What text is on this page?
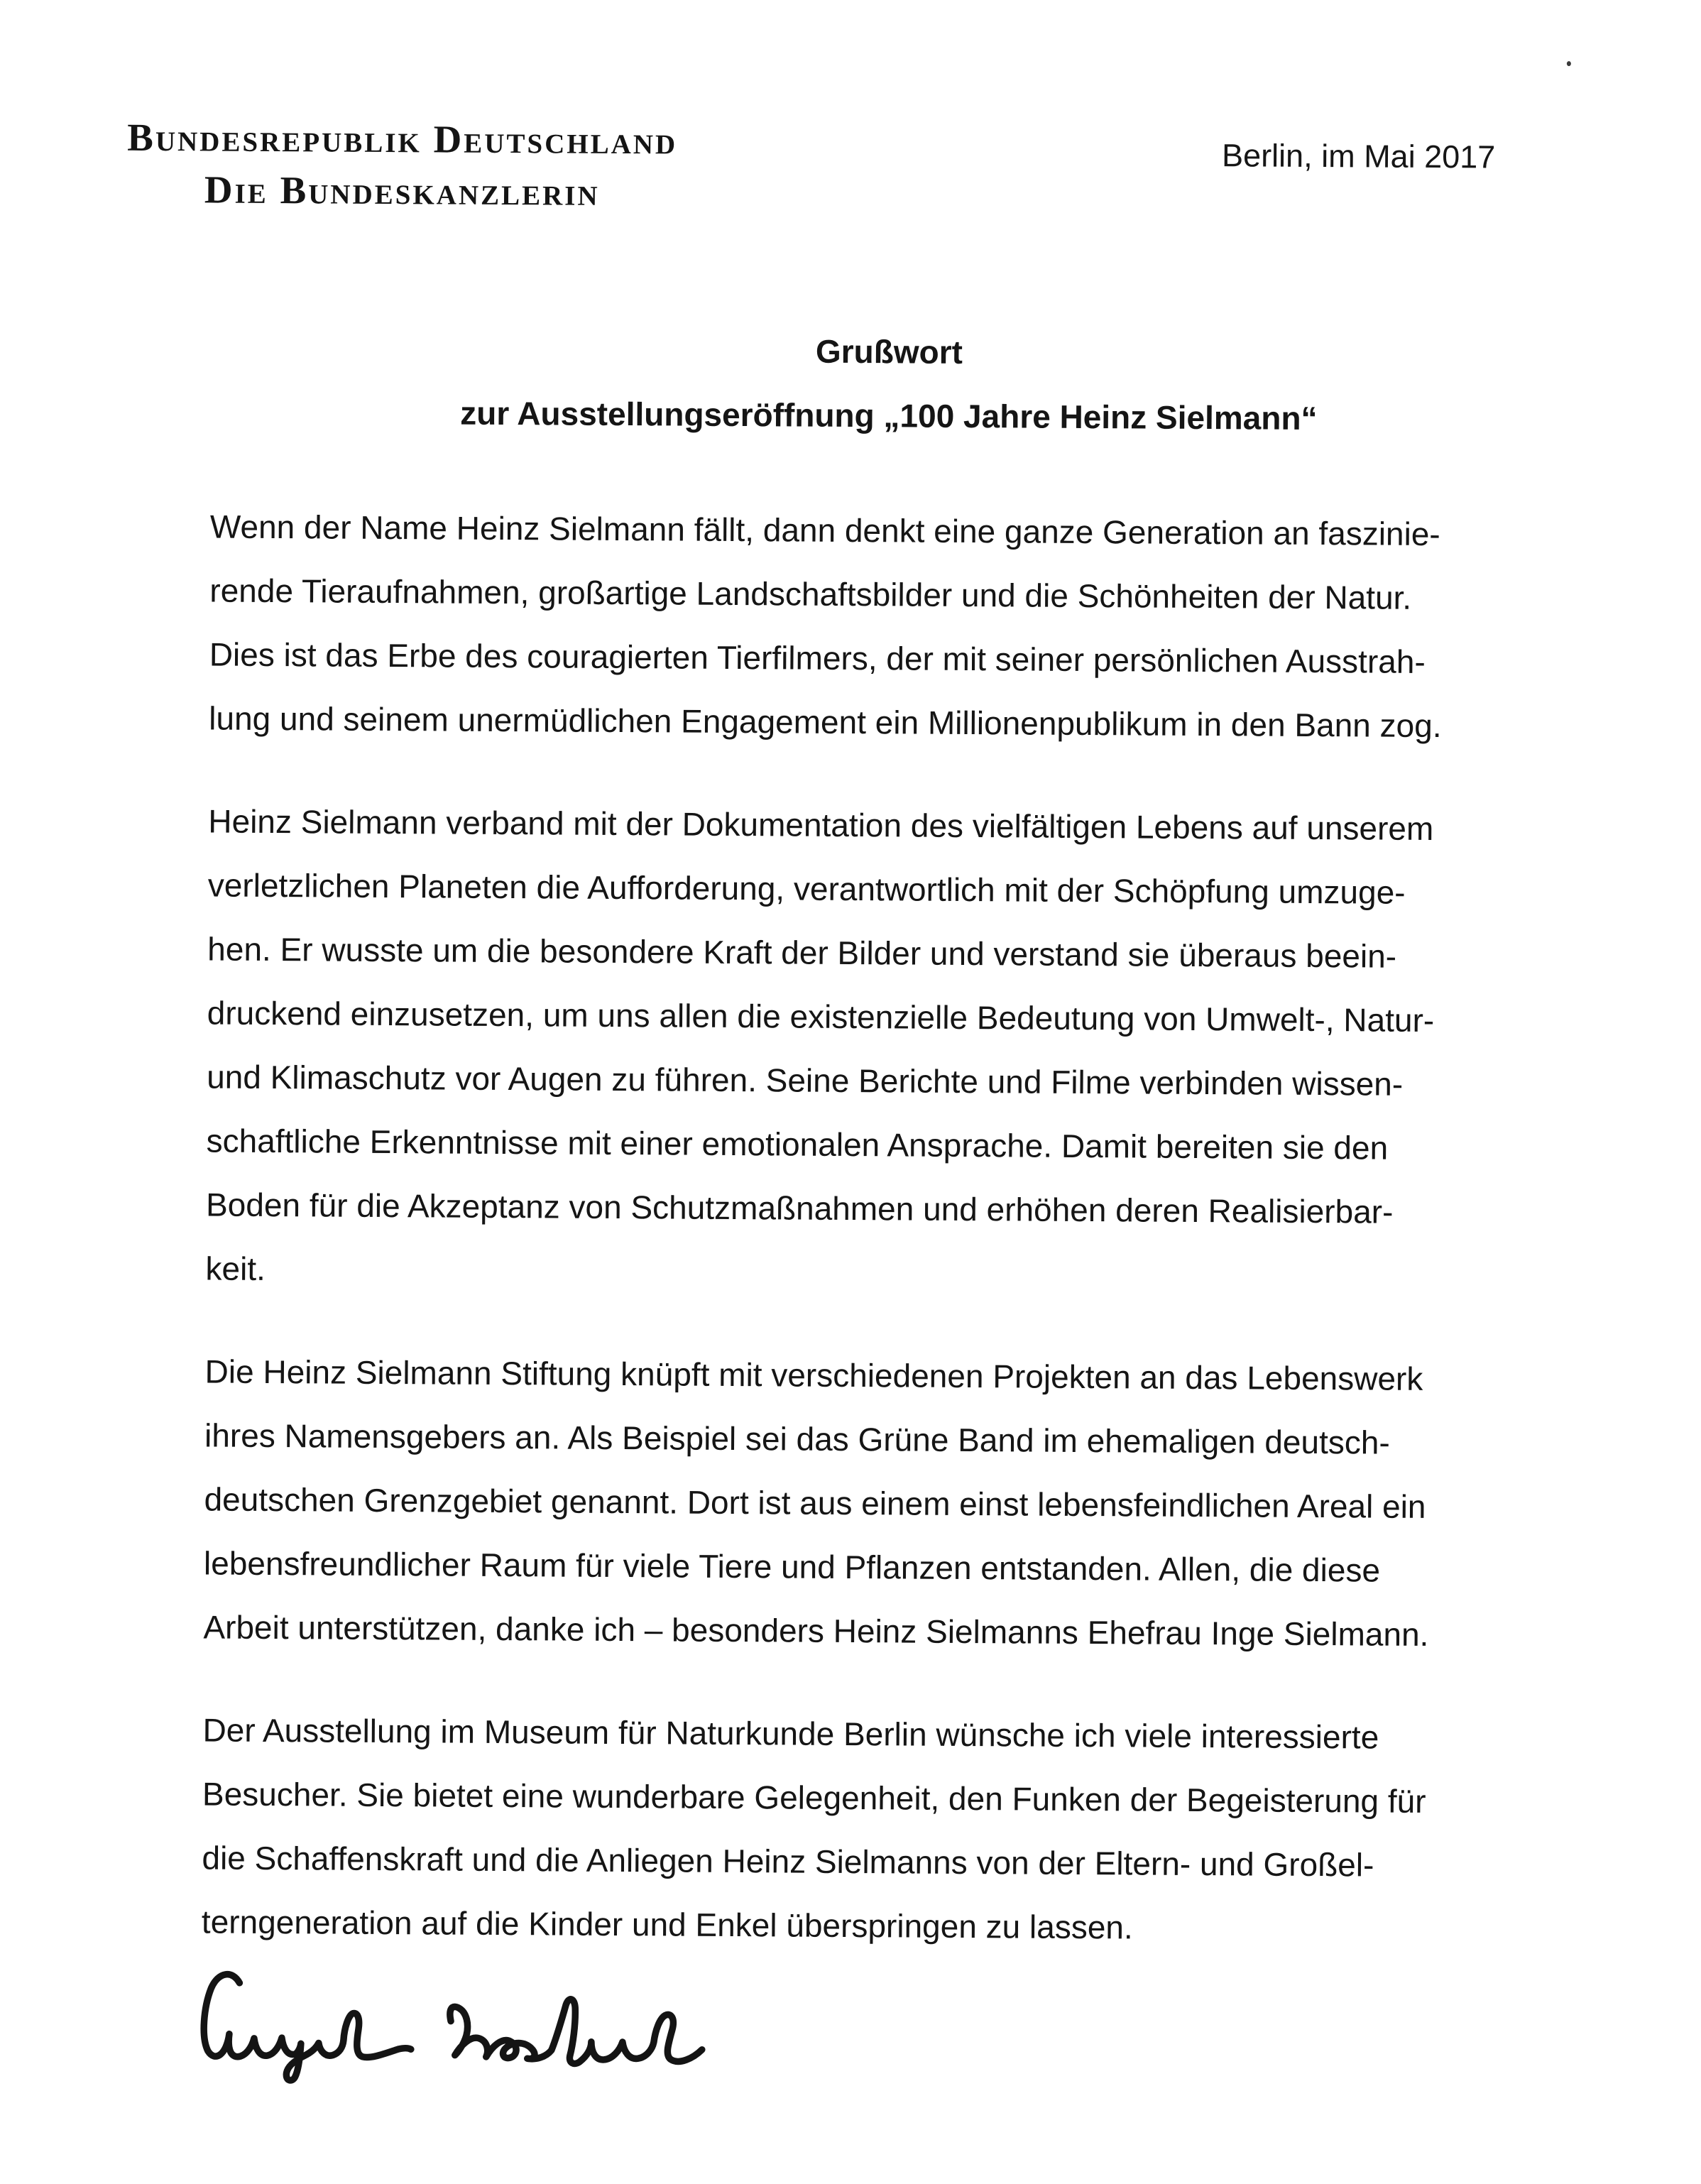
Bundesrepublik Deutschland
Die Bundeskanzlerin
Berlin, im Mai 2017
Grußwort
zur Ausstellungseröffnung „100 Jahre Heinz Sielmann“
Wenn der Name Heinz Sielmann fällt, dann denkt eine ganze Generation an faszinie-
rende Tieraufnahmen, großartige Landschaftsbilder und die Schönheiten der Natur.
Dies ist das Erbe des couragierten Tierfilmers, der mit seiner persönlichen Ausstrah-
lung und seinem unermüdlichen Engagement ein Millionenpublikum in den Bann zog.
Heinz Sielmann verband mit der Dokumentation des vielfältigen Lebens auf unserem
verletzlichen Planeten die Aufforderung, verantwortlich mit der Schöpfung umzuge-
hen. Er wusste um die besondere Kraft der Bilder und verstand sie überaus beein-
druckend einzusetzen, um uns allen die existenzielle Bedeutung von Umwelt-, Natur-
und Klimaschutz vor Augen zu führen. Seine Berichte und Filme verbinden wissen-
schaftliche Erkenntnisse mit einer emotionalen Ansprache. Damit bereiten sie den
Boden für die Akzeptanz von Schutzmaßnahmen und erhöhen deren Realisierbar-
keit.
Die Heinz Sielmann Stiftung knüpft mit verschiedenen Projekten an das Lebenswerk
ihres Namensgebers an. Als Beispiel sei das Grüne Band im ehemaligen deutsch-
deutschen Grenzgebiet genannt. Dort ist aus einem einst lebensfeindlichen Areal ein
lebensfreundlicher Raum für viele Tiere und Pflanzen entstanden. Allen, die diese
Arbeit unterstützen, danke ich – besonders Heinz Sielmanns Ehefrau Inge Sielmann.
Der Ausstellung im Museum für Naturkunde Berlin wünsche ich viele interessierte
Besucher. Sie bietet eine wunderbare Gelegenheit, den Funken der Begeisterung für
die Schaffenskraft und die Anliegen Heinz Sielmanns von der Eltern- und Großel-
terngeneration auf die Kinder und Enkel überspringen zu lassen.
